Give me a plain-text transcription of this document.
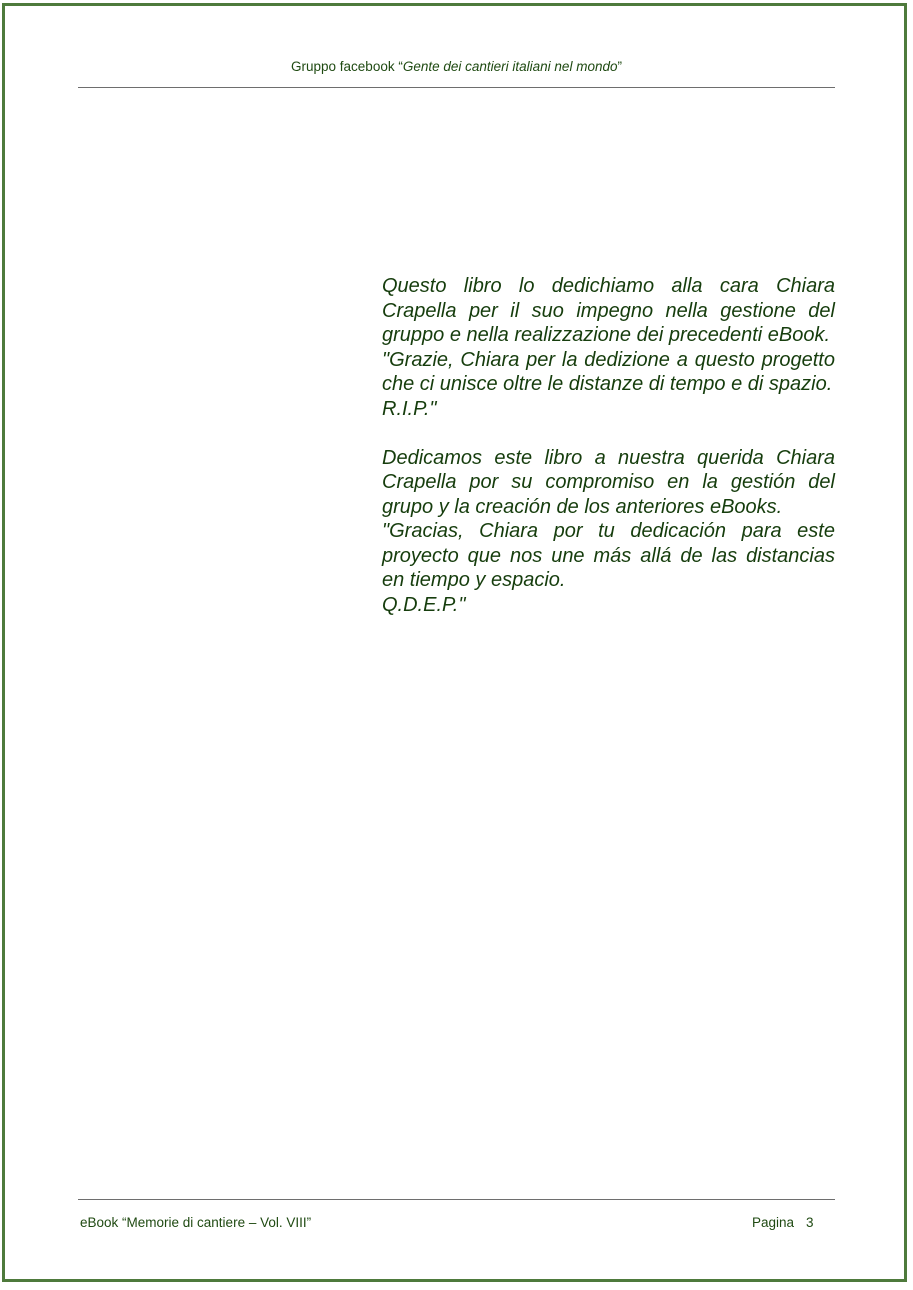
Gruppo facebook “Gente dei cantieri italiani nel mondo”

Questo libro lo dedichiamo alla cara Chiara Crapella per il suo impegno nella gestione del gruppo e nella realizzazione dei precedenti eBook.

"Grazie, Chiara per la dedizione a questo progetto che ci unisce oltre le distanze di tempo e di spazio.

R.I.P."

Dedicamos este libro a nuestra querida Chiara Crapella por su compromiso en la gestión del grupo y la creación de los anteriores eBooks.

"Gracias, Chiara por tu dedicación para este proyecto que nos une más allá de las distancias en tiempo y espacio.

Q.D.E.P."

eBook “Memorie di cantiere – Vol. VIII”	Pagina 3
